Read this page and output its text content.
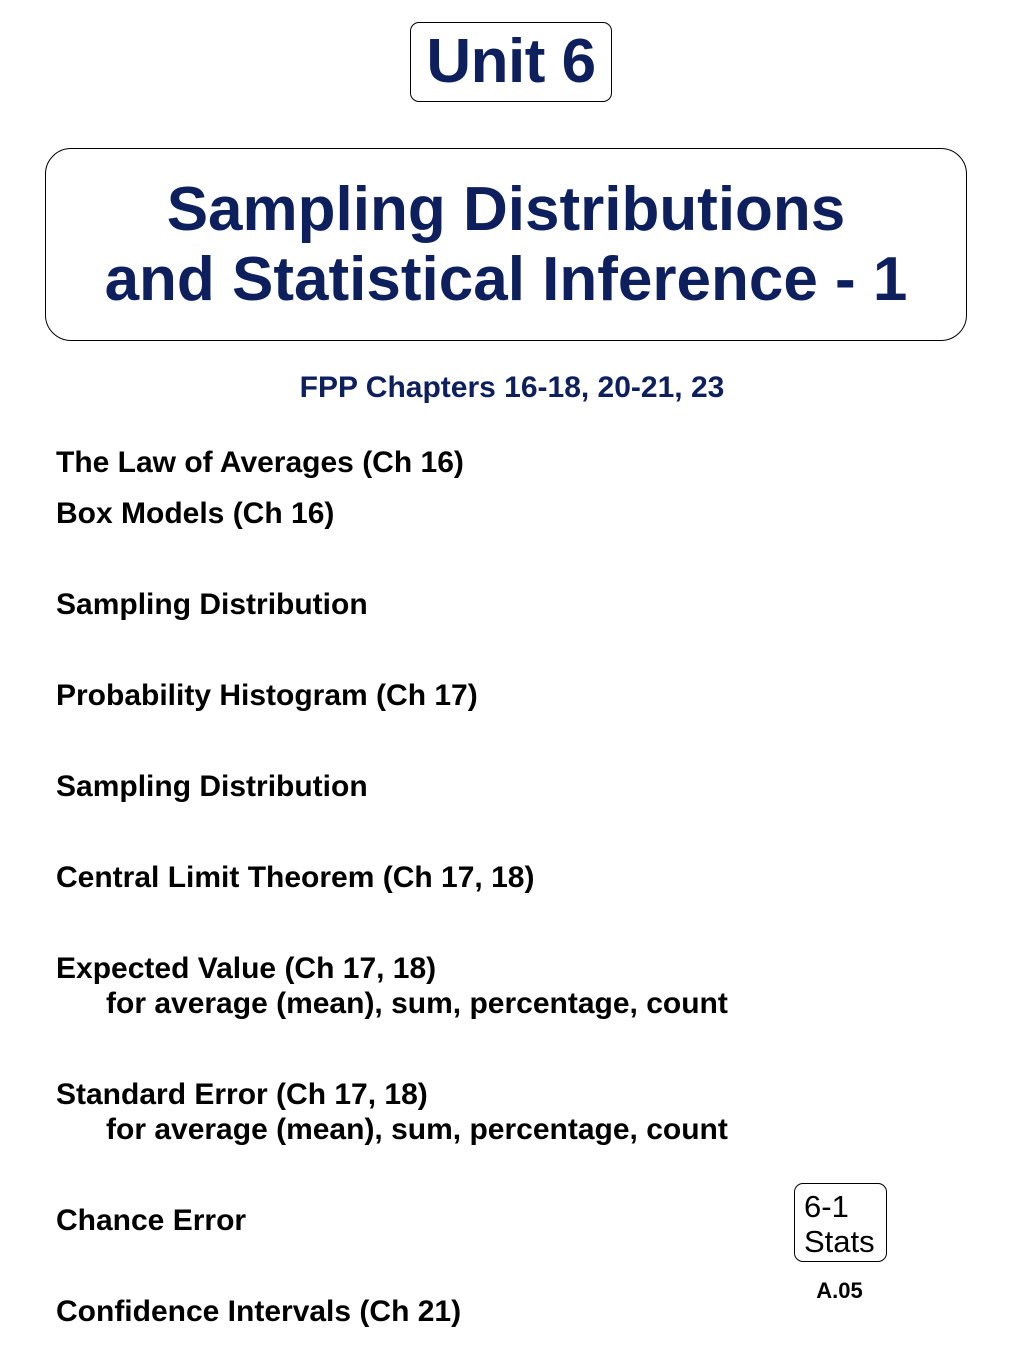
Unit 6
Sampling Distributions
and Statistical Inference - 1
FPP Chapters 16-18, 20-21, 23
The Law of Averages (Ch 16)
Box Models (Ch 16)
Sampling Distribution
Probability Histogram (Ch 17)
Sampling Distribution
Central Limit Theorem (Ch 17, 18)
Expected Value (Ch 17, 18)
for average (mean), sum, percentage, count
Standard Error (Ch 17, 18)
for average (mean), sum, percentage, count
Chance Error
Confidence Intervals (Ch 21)
6-1
Stats
A.05
